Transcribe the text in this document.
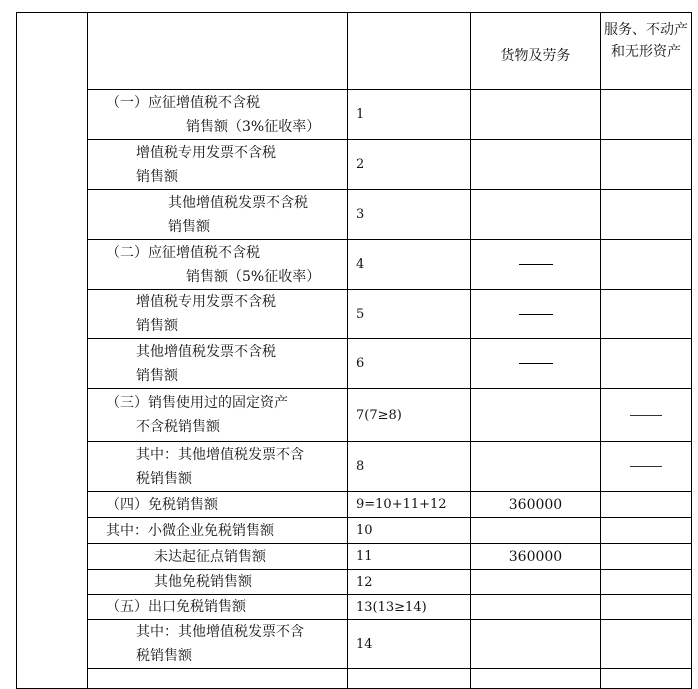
			货物及劳务	服务、不动产和无形资产

	（一）应征增值税不含税
销售额（3%征收率）	1		

	增值税专用发票不含税
销售额	2		

	其他增值税发票不含税
销售额	3		

	（二）应征增值税不含税
销售额（5%征收率）	4		

	增值税专用发票不含税
销售额	5		

	其他增值税发票不含税
销售额	6		

	（三）销售使用过的固定资产
不含税销售额	7(7≥8)		

	其中：其他增值税发票不含
税销售额	8		

	（四）免税销售额	9=10+11+12	360000	

	其中：小微企业免税销售额	10		

	未达起征点销售额	11	360000	

	其他免税销售额	12		

	（五）出口免税销售额	13(13≥14)		

	其中：其他增值税发票不含
税销售额	14		
